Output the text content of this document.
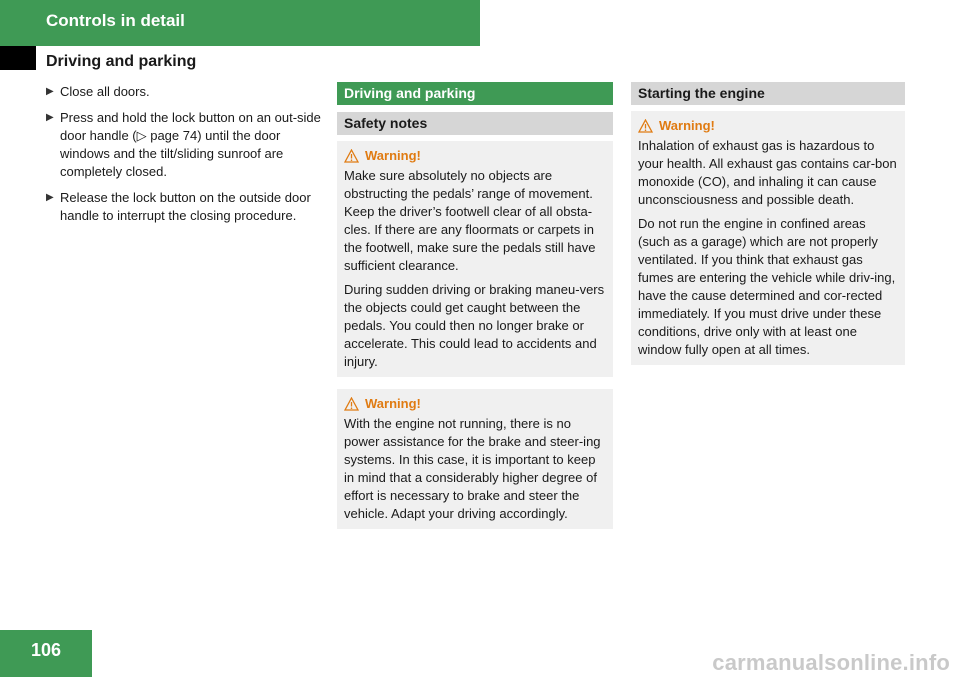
Controls in detail
Driving and parking
▶ Close all doors.
▶ Press and hold the lock button on an out-side door handle (▷ page 74) until the door windows and the tilt/sliding sunroof are completely closed.
▶ Release the lock button on the outside door handle to interrupt the closing procedure.
Driving and parking
Safety notes
Warning!

Make sure absolutely no objects are obstructing the pedals’ range of movement. Keep the driver’s footwell clear of all obsta-cles. If there are any floormats or carpets in the footwell, make sure the pedals still have sufficient clearance.

During sudden driving or braking maneu-vers the objects could get caught between the pedals. You could then no longer brake or accelerate. This could lead to accidents and injury.

Warning!

With the engine not running, there is no power assistance for the brake and steer-ing systems. In this case, it is important to keep in mind that a considerably higher degree of effort is necessary to brake and steer the vehicle. Adapt your driving accordingly.

Starting the engine
Warning!

Inhalation of exhaust gas is hazardous to your health. All exhaust gas contains car-bon monoxide (CO), and inhaling it can cause unconsciousness and possible death.

Do not run the engine in confined areas (such as a garage) which are not properly ventilated. If you think that exhaust gas fumes are entering the vehicle while driv-ing, have the cause determined and cor-rected immediately. If you must drive under these conditions, drive only with at least one window fully open at all times.

106	carmanualsonline.info
